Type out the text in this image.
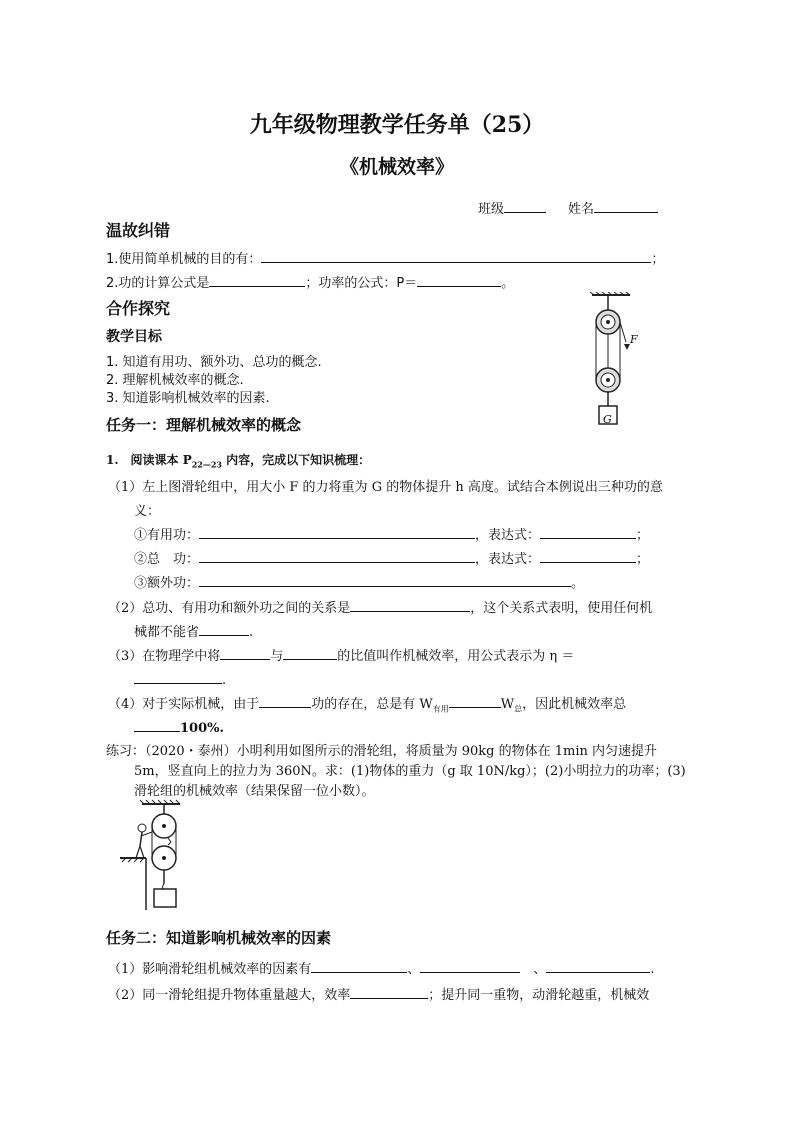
九年级物理教学任务单（25）
《机械效率》
班级	姓名
温故纠错
1.使用简单机械的目的有：	；
2.功的计算公式是	；功率的公式：P＝	。
合作探究
教学目标
1. 知道有用功、额外功、总功的概念.
2. 理解机械效率的概念.
3. 知道影响机械效率的因素.
F
G
任务一：理解机械效率的概念
1.　阅读课本 $P_{22—23}$ 内容，完成以下知识梳理：
（1）左上图滑轮组中，用大小 F 的力将重为 G 的物体提升 h 高度。试结合本例说出三种功的意
义：
①有用功：	，表达式：	；
②总　功：	，表达式：	；
③额外功：	。
（2）总功、有用功和额外功之间的关系是	，这个关系式表明，使用任何机
械都不能省	.
（3）在物理学中将	与	的比值叫作机械效率，用公式表示为 η ＝
.
（4）对于实际机械，由于	功的存在，总是有 $W_{有用}$	$W_总$，因此机械效率总
100%.
练习：（2020・泰州）小明利用如图所示的滑轮组，将质量为 90kg 的物体在 1min 内匀速提升
5m，竖直向上的拉力为 360N。求：(1)物体的重力（g 取 10N/kg）；(2)小明拉力的功率；(3)
滑轮组的机械效率（结果保留一位小数）。
任务二：知道影响机械效率的因素
（1）影响滑轮组机械效率的因素有	、	　、	.
（2）同一滑轮组提升物体重量越大，效率	；提升同一重物，动滑轮越重，机械效
